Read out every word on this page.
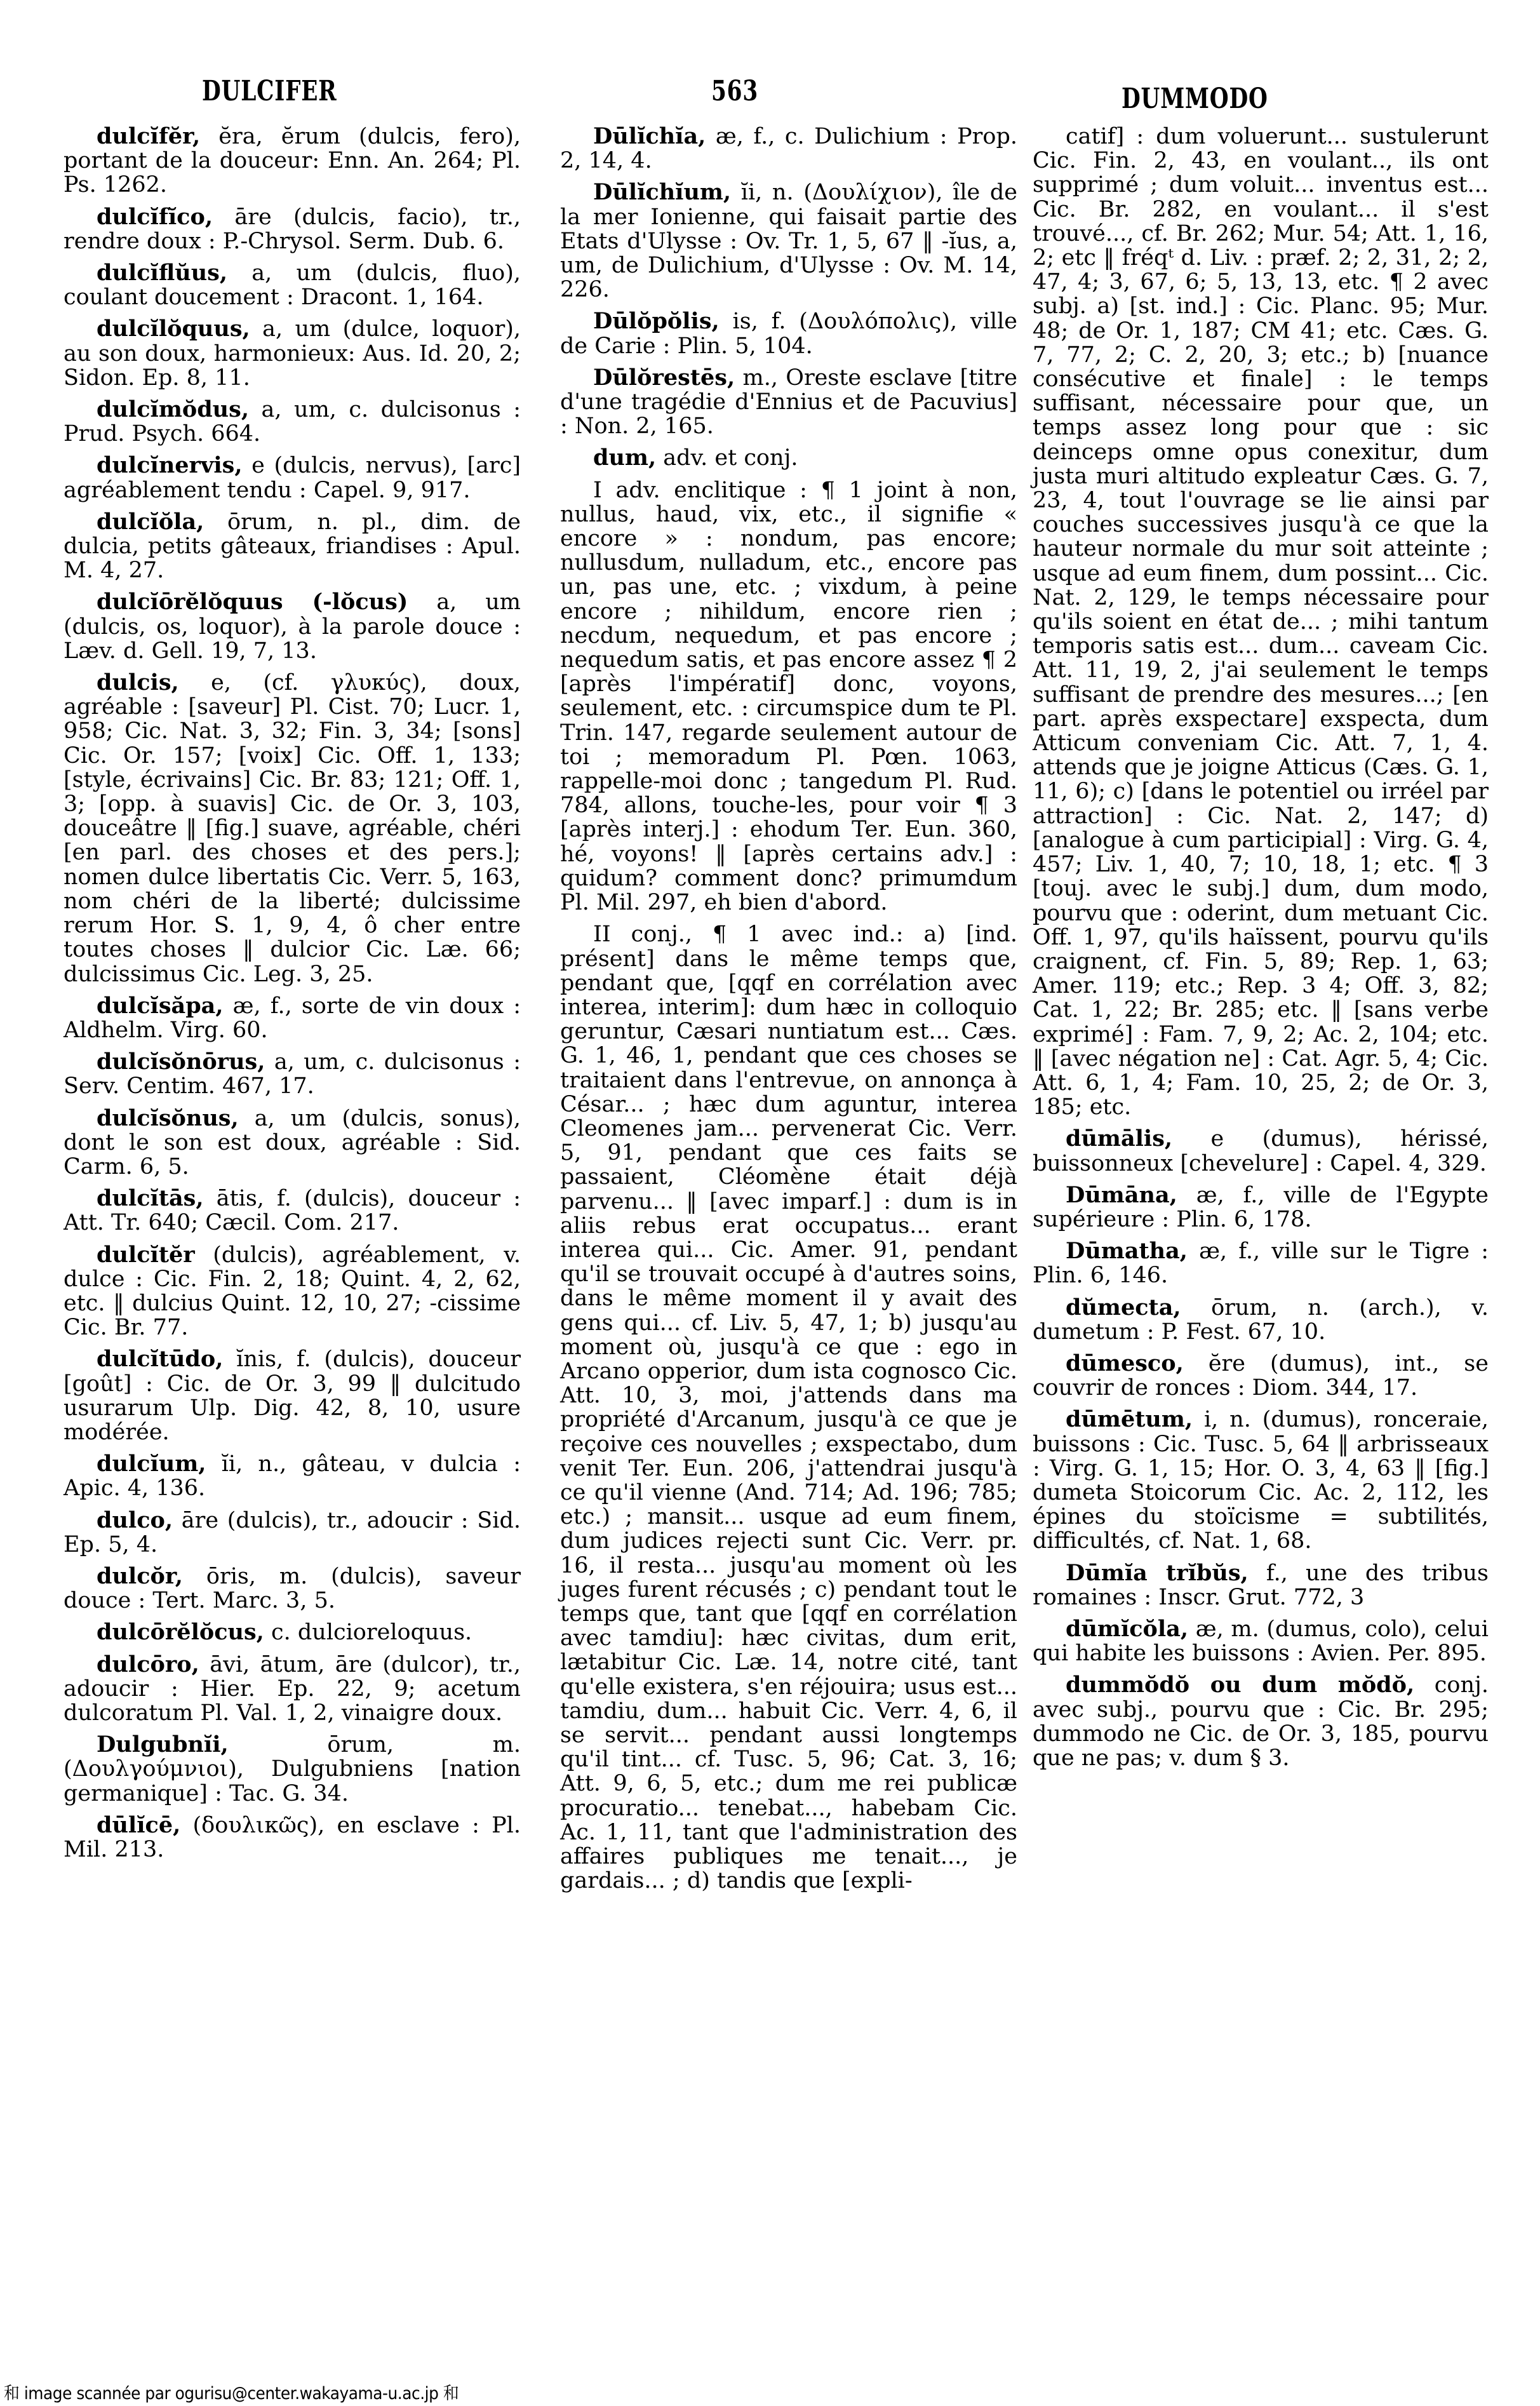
DULCIFER	563	DUMMODO

dulcĭfĕr, ĕra, ĕrum (dulcis, fero), portant de la douceur: Enn. An. 264; Pl. Ps. 1262.

dulcĭfĭco, āre (dulcis, facio), tr., rendre doux : P.-Chrysol. Serm. Dub. 6.

dulcĭflŭus, a, um (dulcis, fluo), coulant doucement : Dracont. 1, 164.

dulcĭlŏquus, a, um (dulce, loquor), au son doux, harmonieux: Aus. Id. 20, 2; Sidon. Ep. 8, 11.

dulcĭmŏdus, a, um, c. dulcisonus : Prud. Psych. 664.

dulcĭnervis, e (dulcis, nervus), [arc] agréablement tendu : Capel. 9, 917.

dulcĭŏla, ōrum, n. pl., dim. de dulcia, petits gâteaux, friandises : Apul. M. 4, 27.

dulcĭōrĕlŏquus (-lŏcus) a, um (dulcis, os, loquor), à la parole douce : Læv. d. Gell. 19, 7, 13.

dulcis, e, (cf. γλυκύς), doux, agréable : [saveur] Pl. Cist. 70; Lucr. 1, 958; Cic. Nat. 3, 32; Fin. 3, 34; [sons] Cic. Or. 157; [voix] Cic. Off. 1, 133; [style, écrivains] Cic. Br. 83; 121; Off. 1, 3; [opp. à suavis] Cic. de Or. 3, 103, douceâtre ‖ [fig.] suave, agréable, chéri [en parl. des choses et des pers.]; nomen dulce libertatis Cic. Verr. 5, 163, nom chéri de la liberté; dulcissime rerum Hor. S. 1, 9, 4, ô cher entre toutes choses ‖ dulcior Cic. Læ. 66; dulcissimus Cic. Leg. 3, 25.

dulcĭsăpa, æ, f., sorte de vin doux : Aldhelm. Virg. 60.

dulcĭsŏnōrus, a, um, c. dulcisonus : Serv. Centim. 467, 17.

dulcĭsŏnus, a, um (dulcis, sonus), dont le son est doux, agréable : Sid. Carm. 6, 5.

dulcĭtās, ātis, f. (dulcis), douceur : Att. Tr. 640; Cæcil. Com. 217.

dulcĭtĕr (dulcis), agréablement, v. dulce : Cic. Fin. 2, 18; Quint. 4, 2, 62, etc. ‖ dulcius Quint. 12, 10, 27; -cissime Cic. Br. 77.

dulcĭtūdo, ĭnis, f. (dulcis), douceur [goût] : Cic. de Or. 3, 99 ‖ dulcitudo usurarum Ulp. Dig. 42, 8, 10, usure modérée.

dulcĭum, ĭi, n., gâteau, v dulcia : Apic. 4, 136.

dulco, āre (dulcis), tr., adoucir : Sid. Ep. 5, 4.

dulcŏr, ōris, m. (dulcis), saveur douce : Tert. Marc. 3, 5.

dulcōrĕlŏcus, c. dulcioreloquus.

dulcōro, āvi, ātum, āre (dulcor), tr., adoucir : Hier. Ep. 22, 9; acetum dulcoratum Pl. Val. 1, 2, vinaigre doux.

Dulgubnĭi,	ōrum, m. (Δουλγούμνιοι), Dulgubniens [nation germanique] : Tac. G. 34.

dūlĭcē, (δουλικῶς), en esclave : Pl. Mil. 213.

Dūlĭchĭa, æ, f., c. Dulichium : Prop. 2, 14, 4.

Dūlĭchĭum, ĭi, n. (Δουλίχιον), île de la mer Ionienne, qui faisait partie des Etats d'Ulysse : Ov. Tr. 1, 5, 67 ‖ -ĭus, a, um, de Dulichium, d'Ulysse : Ov. M. 14, 226.

Dūlŏpŏlis, is, f. (Δουλόπολις), ville de Carie : Plin. 5, 104.

Dūlŏrestēs, m., Oreste esclave [titre d'une tragédie d'Ennius et de Pacuvius] : Non. 2, 165.

dum, adv. et conj.

I adv. enclitique : ¶ 1 joint à non, nullus, haud, vix, etc., il signifie « encore » : nondum, pas encore; nullusdum, nulladum, etc., encore pas un, pas une, etc. ; vixdum, à peine encore ; nihildum, encore rien ; necdum, nequedum, et pas encore ; nequedum satis, et pas encore assez ¶ 2 [après l'impératif] donc, voyons, seulement, etc. : circumspice dum te Pl. Trin. 147, regarde seulement autour de toi ; memoradum Pl. Pœn. 1063, rappelle-moi donc ; tangedum Pl. Rud. 784, allons, touche-les, pour voir ¶ 3 [après interj.] : ehodum Ter. Eun. 360, hé, voyons! ‖ [après certains adv.] : quidum? comment donc? primumdum Pl. Mil. 297, eh bien d'abord.

II conj., ¶ 1 avec ind.: a) [ind. présent] dans le même temps que, pendant que, [qqf en corrélation avec interea, interim]: dum hæc in colloquio geruntur, Cæsari nuntiatum est... Cæs. G. 1, 46, 1, pendant que ces choses se traitaient dans l'entrevue, on annonça à César... ; hæc dum aguntur, interea Cleomenes jam... pervenerat Cic. Verr. 5, 91, pendant que ces faits se passaient, Cléomène était déjà parvenu... ‖ [avec imparf.] : dum is in aliis rebus erat occupatus... erant interea qui... Cic. Amer. 91, pendant qu'il se trouvait occupé à d'autres soins, dans le même moment il y avait des gens qui... cf. Liv. 5, 47, 1; b) jusqu'au moment où, jusqu'à ce que : ego in Arcano opperior, dum ista cognosco Cic. Att. 10, 3, moi, j'attends dans ma propriété d'Arcanum, jusqu'à ce que je reçoive ces nouvelles ; exspectabo, dum venit Ter. Eun. 206, j'attendrai jusqu'à ce qu'il vienne (And. 714; Ad. 196; 785; etc.) ; mansit... usque ad eum finem, dum judices rejecti sunt Cic. Verr. pr. 16, il resta... jusqu'au moment où les juges furent récusés ; c) pendant tout le temps que, tant que [qqf en corrélation avec tamdiu]: hæc civitas, dum erit, lætabitur Cic. Læ. 14, notre cité, tant qu'elle existera, s'en réjouira; usus est... tamdiu, dum... habuit Cic. Verr. 4, 6, il se servit... pendant aussi longtemps qu'il tint... cf. Tusc. 5, 96; Cat. 3, 16; Att. 9, 6, 5, etc.; dum me rei publicæ procuratio... tenebat..., habebam Cic. Ac. 1, 11, tant que l'administration des affaires publiques me tenait..., je gardais... ; d) tandis que [expli-

catif] : dum voluerunt... sustulerunt Cic. Fin. 2, 43, en voulant.., ils ont supprimé ; dum voluit... inventus est... Cic. Br. 282, en voulant... il s'est trouvé..., cf. Br. 262; Mur. 54; Att. 1, 16, 2; etc ‖ fréqᵗ d. Liv. : præf. 2; 2, 31, 2; 2, 47, 4; 3, 67, 6; 5, 13, 13, etc. ¶ 2 avec subj. a) [st. ind.] : Cic. Planc. 95; Mur. 48; de Or. 1, 187; CM 41; etc. Cæs. G. 7, 77, 2; C. 2, 20, 3; etc.; b) [nuance consécutive et finale] : le temps suffisant, nécessaire pour que, un temps assez long pour que : sic deinceps omne opus conexitur, dum justa muri altitudo expleatur Cæs. G. 7, 23, 4, tout l'ouvrage se lie ainsi par couches successives jusqu'à ce que la hauteur normale du mur soit atteinte ; usque ad eum finem, dum possint... Cic. Nat. 2, 129, le temps nécessaire pour qu'ils soient en état de... ; mihi tantum temporis satis est... dum... caveam Cic. Att. 11, 19, 2, j'ai seulement le temps suffisant de prendre des mesures...; [en part. après exspectare] exspecta, dum Atticum conveniam Cic. Att. 7, 1, 4. attends que je joigne Atticus (Cæs. G. 1, 11, 6); c) [dans le potentiel ou irréel par attraction] : Cic. Nat. 2, 147; d) [analogue à cum participial] : Virg. G. 4, 457; Liv. 1, 40, 7; 10, 18, 1; etc. ¶ 3 [touj. avec le subj.] dum, dum modo, pourvu que : oderint, dum metuant Cic. Off. 1, 97, qu'ils haïssent, pourvu qu'ils craignent, cf. Fin. 5, 89; Rep. 1, 63; Amer. 119; etc.; Rep. 3 4; Off. 3, 82; Cat. 1, 22; Br. 285; etc. ‖ [sans verbe exprimé] : Fam. 7, 9, 2; Ac. 2, 104; etc. ‖ [avec négation ne] : Cat. Agr. 5, 4; Cic. Att. 6, 1, 4; Fam. 10, 25, 2; de Or. 3, 185; etc.

dūmālis, e (dumus), hérissé, buissonneux [chevelure] : Capel. 4, 329.

Dūmāna, æ, f., ville de l'Egypte supérieure : Plin. 6, 178.

Dūmatha, æ, f., ville sur le Tigre : Plin. 6, 146.

dŭmecta, ōrum, n. (arch.), v. dumetum : P. Fest. 67, 10.

dūmesco, ĕre (dumus), int., se couvrir de ronces : Diom. 344, 17.

dūmētum, i, n. (dumus), ronceraie, buissons : Cic. Tusc. 5, 64 ‖ arbrisseaux : Virg. G. 1, 15; Hor. O. 3, 4, 63 ‖ [fig.] dumeta Stoicorum Cic. Ac. 2, 112, les épines du stoïcisme = subtilités, difficultés, cf. Nat. 1, 68.

Dūmĭa trĭbŭs, f., une des tribus romaines : Inscr. Grut. 772, 3

dūmĭcŏla, æ, m. (dumus, colo), celui qui habite les buissons : Avien. Per. 895.

dummŏdŏ ou dum mŏdŏ, conj. avec subj., pourvu que : Cic. Br. 295; dummodo ne Cic. de Or. 3, 185, pourvu que ne pas; v. dum § 3.

和 image scannée par ogurisu@center.wakayama-u.ac.jp 和
